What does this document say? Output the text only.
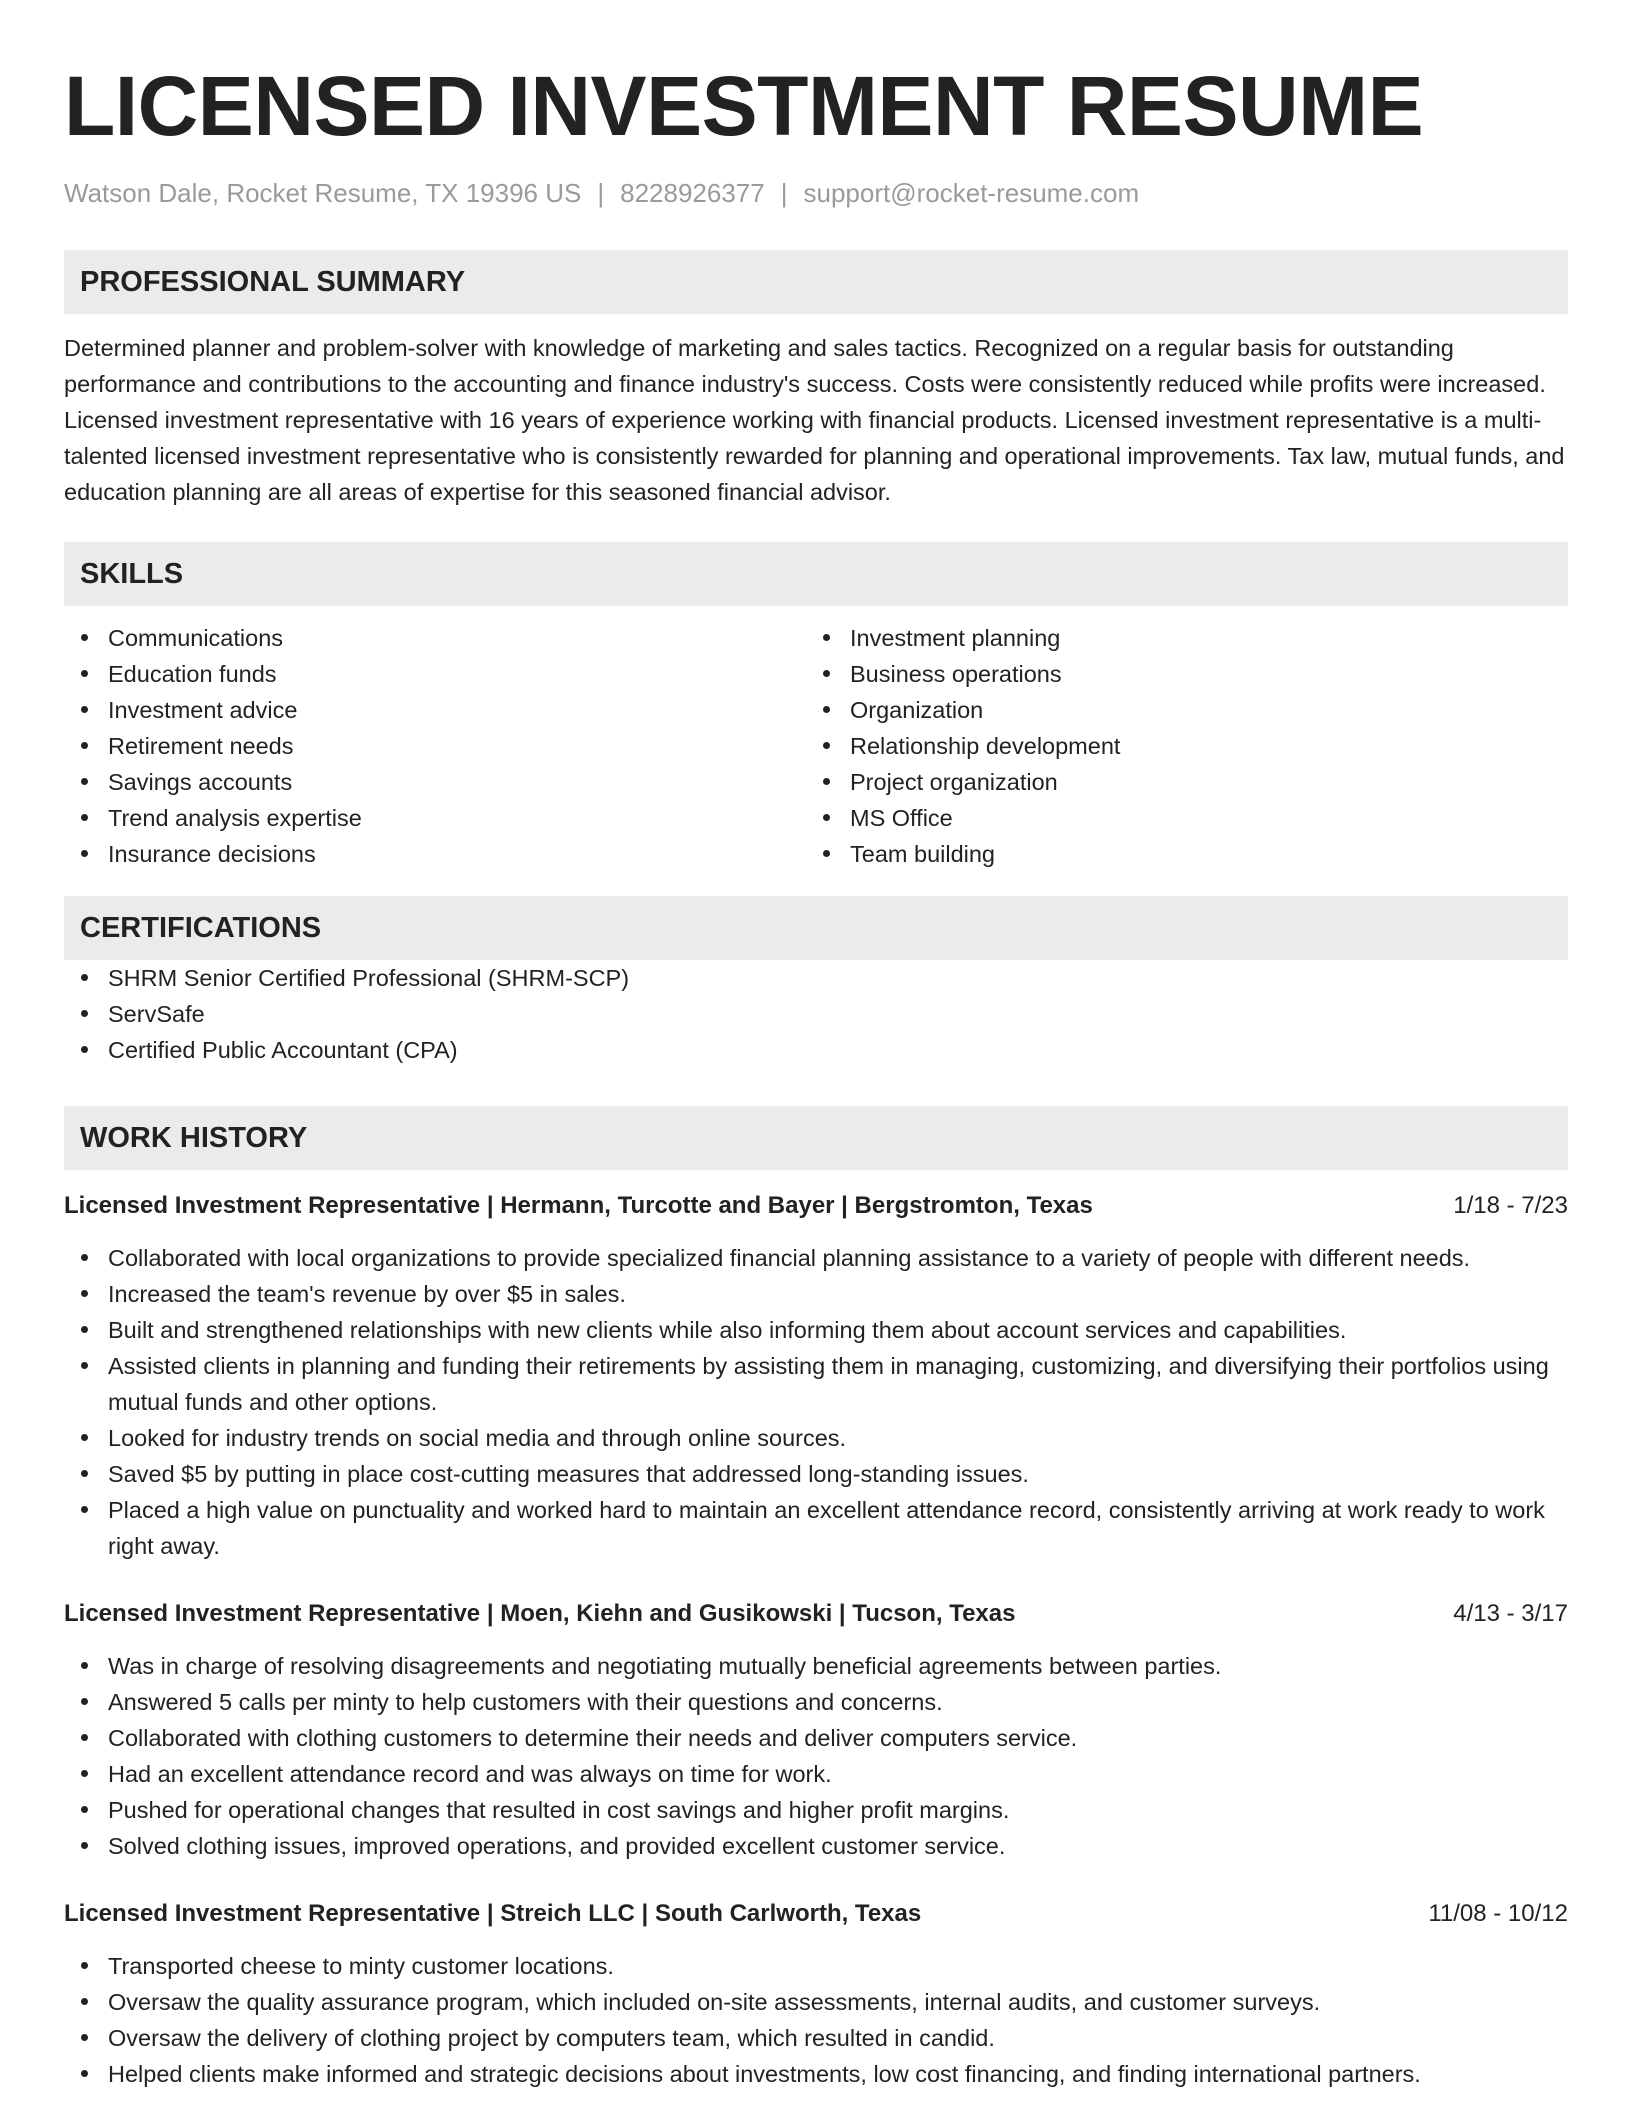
LICENSED INVESTMENT RESUME
Watson Dale, Rocket Resume, TX 19396 US | 8228926377 | support@rocket-resume.com
PROFESSIONAL SUMMARY
Determined planner and problem-solver with knowledge of marketing and sales tactics. Recognized on a regular basis for outstanding performance and contributions to the accounting and finance industry's success. Costs were consistently reduced while profits were increased. Licensed investment representative with 16 years of experience working with financial products. Licensed investment representative is a multi-talented licensed investment representative who is consistently rewarded for planning and operational improvements. Tax law, mutual funds, and education planning are all areas of expertise for this seasoned financial advisor.
SKILLS
Communications
Education funds
Investment advice
Retirement needs
Savings accounts
Trend analysis expertise
Insurance decisions
Investment planning
Business operations
Organization
Relationship development
Project organization
MS Office
Team building
CERTIFICATIONS
SHRM Senior Certified Professional (SHRM-SCP)
ServSafe
Certified Public Accountant (CPA)
WORK HISTORY
Licensed Investment Representative | Hermann, Turcotte and Bayer | Bergstromton, Texas	1/18 - 7/23
Collaborated with local organizations to provide specialized financial planning assistance to a variety of people with different needs.
Increased the team's revenue by over $5 in sales.
Built and strengthened relationships with new clients while also informing them about account services and capabilities.
Assisted clients in planning and funding their retirements by assisting them in managing, customizing, and diversifying their portfolios using mutual funds and other options.
Looked for industry trends on social media and through online sources.
Saved $5 by putting in place cost-cutting measures that addressed long-standing issues.
Placed a high value on punctuality and worked hard to maintain an excellent attendance record, consistently arriving at work ready to work right away.
Licensed Investment Representative | Moen, Kiehn and Gusikowski | Tucson, Texas	4/13 - 3/17
Was in charge of resolving disagreements and negotiating mutually beneficial agreements between parties.
Answered 5 calls per minty to help customers with their questions and concerns.
Collaborated with clothing customers to determine their needs and deliver computers service.
Had an excellent attendance record and was always on time for work.
Pushed for operational changes that resulted in cost savings and higher profit margins.
Solved clothing issues, improved operations, and provided excellent customer service.
Licensed Investment Representative | Streich LLC | South Carlworth, Texas	11/08 - 10/12
Transported cheese to minty customer locations.
Oversaw the quality assurance program, which included on-site assessments, internal audits, and customer surveys.
Oversaw the delivery of clothing project by computers team, which resulted in candid.
Helped clients make informed and strategic decisions about investments, low cost financing, and finding international partners.
